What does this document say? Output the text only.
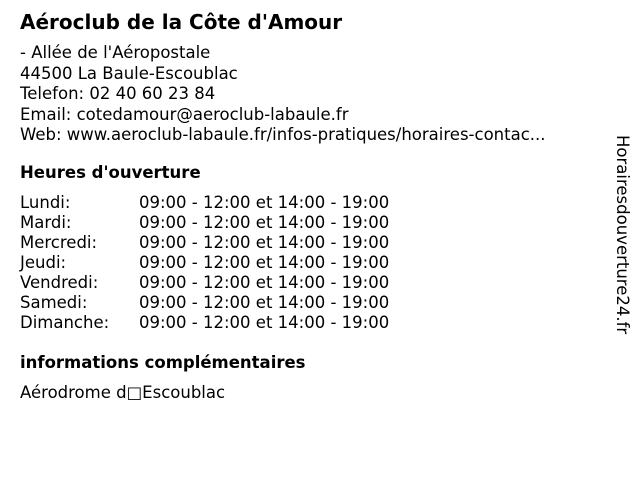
Aéroclub de la Côte d'Amour
- Allée de l'Aéropostale
44500 La Baule-Escoublac
Telefon: 02 40 60 23 84
Email: cotedamour@aeroclub-labaule.fr
Web: www.aeroclub-labaule.fr/infos-pratiques/horaires-contac...
Heures d'ouverture
Lundi:	09:00 - 12:00 et 14:00 - 19:00
Mardi:	09:00 - 12:00 et 14:00 - 19:00
Mercredi:	09:00 - 12:00 et 14:00 - 19:00
Jeudi:	09:00 - 12:00 et 14:00 - 19:00
Vendredi: 09:00 - 12:00 et 14:00 - 19:00
Samedi:	09:00 - 12:00 et 14:00 - 19:00
Dimanche: 09:00 - 12:00 et 14:00 - 19:00
informations complémentaires
Aérodrome d□Escoublac
Horairesdouverture24.fr
